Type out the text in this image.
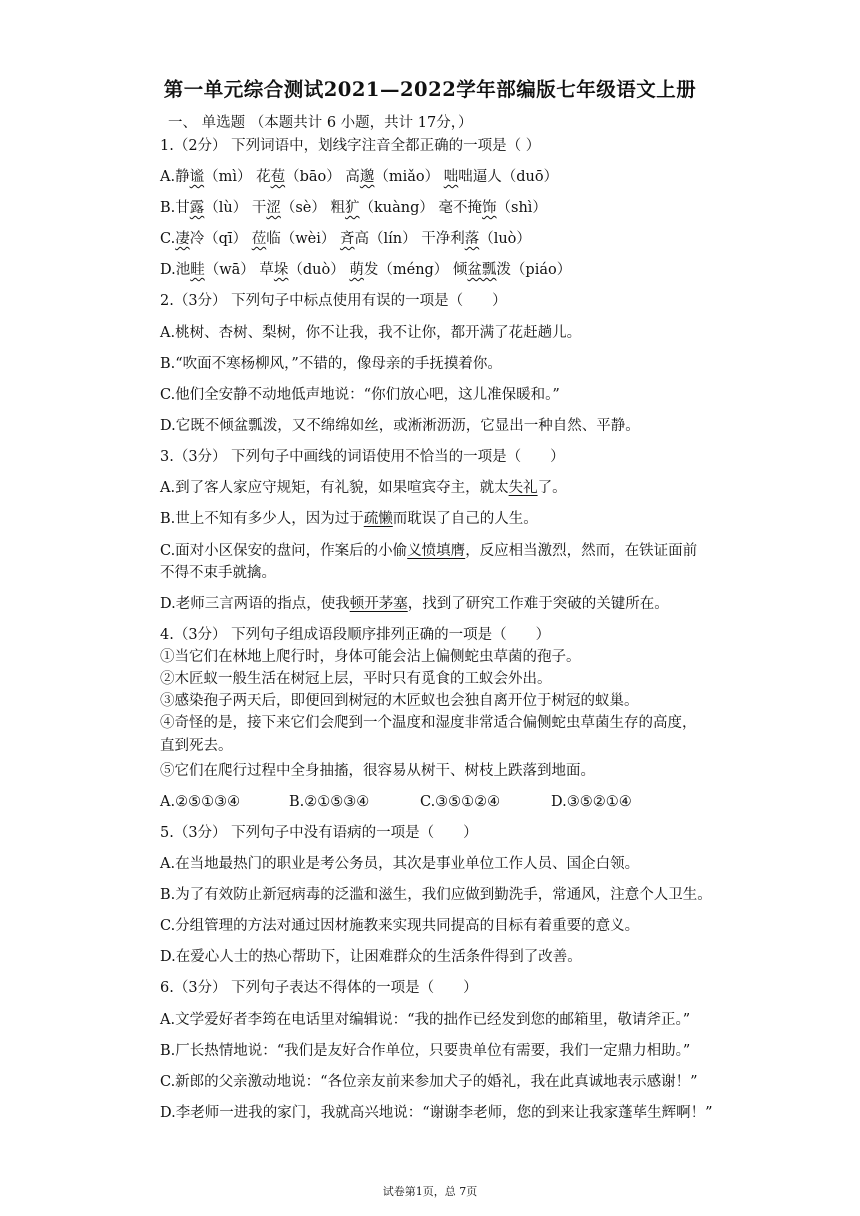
第一单元综合测试2021—2022学年部编版七年级语文上册
一、 单选题 （本题共计 6 小题，共计 17分，）
1.（2分） 下列词语中，划线字注音全都正确的一项是（ ）
A.静谧（mì） 花苞（bāo） 高邈（miǎo） 咄咄逼人（duō）
B.甘露（lù） 干涩（sè） 粗犷（kuàng） 毫不掩饰（shì）
C.凄冷（qī） 莅临（wèi） 斉高（lín） 干净利落（luò）
D.池畦（wā） 草垛（duò） 萌发（méng） 倾盆瓢泼（piáo）
2.（3分） 下列句子中标点使用有误的一项是（　　）
A.桃树、杏树、梨树，你不让我，我不让你，都开满了花赶趟儿。
B.“吹面不寒杨柳风，”不错的，像母亲的手抚摸着你。
C.他们全安静不动地低声地说：“你们放心吧，这儿准保暖和。”
D.它既不倾盆瓢泼，又不绵绵如丝，或淅淅沥沥，它显出一种自然、平静。
3.（3分） 下列句子中画线的词语使用不恰当的一项是（　　）
A.到了客人家应守规矩，有礼貌，如果喧宾夺主，就太失礼了。
B.世上不知有多少人，因为过于疏懒而耽误了自己的人生。
C.面对小区保安的盘问，作案后的小偷义愤填膺，反应相当激烈，然而，在铁证面前
不得不束手就擒。
D.老师三言两语的指点，使我顿开茅塞，找到了研究工作难于突破的关键所在。
4.（3分） 下列句子组成语段顺序排列正确的一项是（　　）
①当它们在林地上爬行时，身体可能会沾上偏侧蛇虫草菌的孢子。
②木匠蚁一般生活在树冠上层，平时只有觅食的工蚁会外出。
③感染孢子两天后，即便回到树冠的木匠蚁也会独自离开位于树冠的蚁巢。
④奇怪的是，接下来它们会爬到一个温度和湿度非常适合偏侧蛇虫草菌生存的高度，
直到死去。
⑤它们在爬行过程中全身抽搐，很容易从树干、树枝上跌落到地面。
A.②⑤①③④	B.②①⑤③④	C.③⑤①②④	D.③⑤②①④
5.（3分） 下列句子中没有语病的一项是（　　）
A.在当地最热门的职业是考公务员，其次是事业单位工作人员、国企白领。
B.为了有效防止新冠病毒的泛滥和滋生，我们应做到勤洗手，常通风，注意个人卫生。
C.分组管理的方法对通过因材施教来实现共同提高的目标有着重要的意义。
D.在爱心人士的热心帮助下，让困难群众的生活条件得到了改善。
6.（3分） 下列句子表达不得体的一项是（　　）
A.文学爱好者李筠在电话里对编辑说：“我的拙作已经发到您的邮箱里，敬请斧正。”
B.厂长热情地说：“我们是友好合作单位，只要贵单位有需要，我们一定鼎力相助。”
C.新郎的父亲激动地说：“各位亲友前来参加犬子的婚礼，我在此真诚地表示感谢！”
D.李老师一进我的家门，我就高兴地说：“谢谢李老师，您的到来让我家蓬荜生辉啊！”
试卷第1页，总 7页
